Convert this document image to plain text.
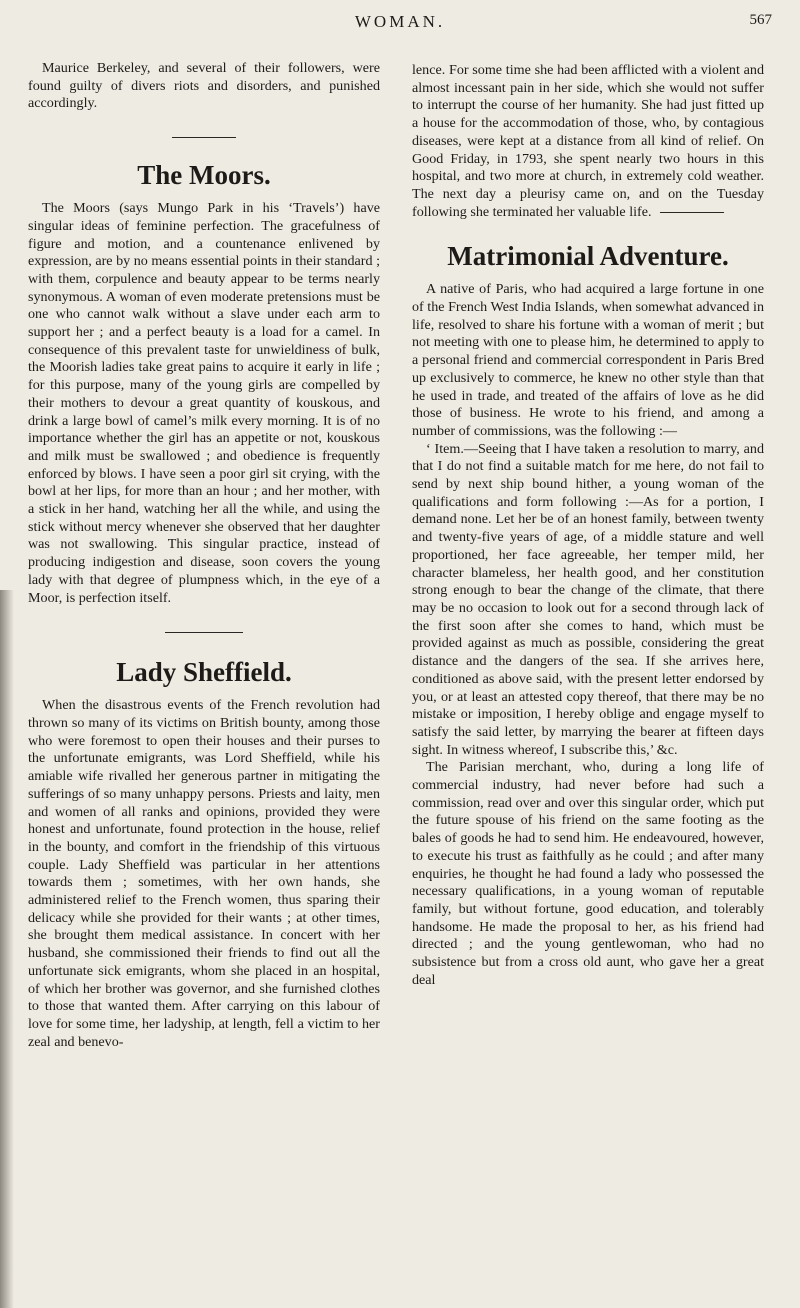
WOMAN.	567

Maurice Berkeley, and several of their followers, were found guilty of divers riots and disorders, and punished accordingly.

The Moors.

The Moors (says Mungo Park in his ‘Travels’) have singular ideas of feminine perfection. The gracefulness of figure and motion, and a countenance enlivened by expression, are by no means essential points in their standard ; with them, corpulence and beauty appear to be terms nearly synonymous. A woman of even moderate pretensions must be one who cannot walk without a slave under each arm to support her ; and a perfect beauty is a load for a camel. In consequence of this prevalent taste for unwieldiness of bulk, the Moorish ladies take great pains to acquire it early in life ; for this purpose, many of the young girls are compelled by their mothers to devour a great quantity of kouskous, and drink a large bowl of camel’s milk every morning. It is of no importance whether the girl has an appetite or not, kouskous and milk must be swallowed ; and obedience is frequently enforced by blows. I have seen a poor girl sit crying, with the bowl at her lips, for more than an hour ; and her mother, with a stick in her hand, watching her all the while, and using the stick without mercy whenever she observed that her daughter was not swallowing. This singular practice, instead of producing indigestion and disease, soon covers the young lady with that degree of plumpness which, in the eye of a Moor, is perfection itself.

Lady Sheffield.

When the disastrous events of the French revolution had thrown so many of its victims on British bounty, among those who were foremost to open their houses and their purses to the unfortunate emigrants, was Lord Sheffield, while his amiable wife rivalled her generous partner in mitigating the sufferings of so many unhappy persons. Priests and laity, men and women of all ranks and opinions, provided they were honest and unfortunate, found protection in the house, relief in the bounty, and comfort in the friendship of this virtuous couple. Lady Sheffield was particular in her attentions towards them ; sometimes, with her own hands, she administered relief to the French women, thus sparing their delicacy while she provided for their wants ; at other times, she brought them medical assistance. In concert with her husband, she commissioned their friends to find out all the unfortunate sick emigrants, whom she placed in an hospital, of which her brother was governor, and she furnished clothes to those that wanted them. After carrying on this labour of love for some time, her ladyship, at length, fell a victim to her zeal and benevo-

lence. For some time she had been afflicted with a violent and almost incessant pain in her side, which she would not suffer to interrupt the course of her humanity. She had just fitted up a house for the accommodation of those, who, by contagious diseases, were kept at a distance from all kind of relief. On Good Friday, in 1793, she spent nearly two hours in this hospital, and two more at church, in extremely cold weather. The next day a pleurisy came on, and on the Tuesday following she terminated her valuable life.

Matrimonial Adventure.

A native of Paris, who had acquired a large fortune in one of the French West India Islands, when somewhat advanced in life, resolved to share his fortune with a woman of merit ; but not meeting with one to please him, he determined to apply to a personal friend and commercial correspondent in Paris Bred up exclusively to commerce, he knew no other style than that he used in trade, and treated of the affairs of love as he did those of business. He wrote to his friend, and among a number of commissions, was the following :—

‘ Item.—Seeing that I have taken a resolution to marry, and that I do not find a suitable match for me here, do not fail to send by next ship bound hither, a young woman of the qualifications and form following :—As for a portion, I demand none. Let her be of an honest family, between twenty and twenty-five years of age, of a middle stature and well proportioned, her face agreeable, her temper mild, her character blameless, her health good, and her constitution strong enough to bear the change of the climate, that there may be no occasion to look out for a second through lack of the first soon after she comes to hand, which must be provided against as much as possible, considering the great distance and the dangers of the sea. If she arrives here, conditioned as above said, with the present letter endorsed by you, or at least an attested copy thereof, that there may be no mistake or imposition, I hereby oblige and engage myself to satisfy the said letter, by marrying the bearer at fifteen days sight. In witness whereof, I subscribe this,’ &c.

The Parisian merchant, who, during a long life of commercial industry, had never before had such a commission, read over and over this singular order, which put the future spouse of his friend on the same footing as the bales of goods he had to send him. He endeavoured, however, to execute his trust as faithfully as he could ; and after many enquiries, he thought he had found a lady who possessed the necessary qualifications, in a young woman of reputable family, but without fortune, good education, and tolerably handsome. He made the proposal to her, as his friend had directed ; and the young gentlewoman, who had no subsistence but from a cross old aunt, who gave her a great deal
